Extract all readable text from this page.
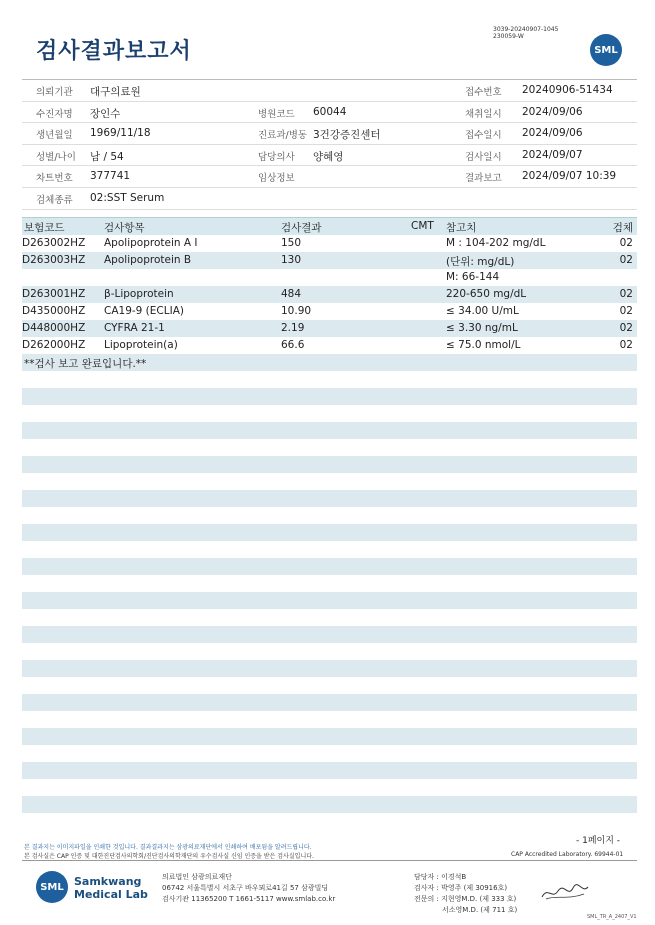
검사결과보고서
3039-20240907-1045
230059-W
SML
의뢰기관 대구의료원	접수번호 20240906-51434
수진자명 장인수	병원코드 60044	채취일시 2024/09/06
생년월일 1969/11/18	진료과/병동 3건강증진센터	접수일시 2024/09/06
성별/나이 남 / 54	담당의사 양혜영	검사일시 2024/09/07
차트번호 377741	임상정보	결과보고 2024/09/07 10:39
검체종류 02:SST Serum
보험코드	검사항목	검사결과	CMT 참고치	검체
D263002HZ Apolipoprotein A I	150	M : 104-202 mg/dL	02
D263003HZ Apolipoprotein B	130	(단위: mg/dL)	02
M: 66-144
D263001HZ β-Lipoprotein	484	220-650 mg/dL	02
D435000HZ CA19-9 (ECLIA)	10.90	≤ 34.00 U/mL	02
D448000HZ CYFRA 21-1	2.19	≤ 3.30 ng/mL	02
D262000HZ Lipoprotein(a)	66.6	≤ 75.0 nmol/L	02
**검사 보고 완료입니다.**
- 1페이지 -
본 결과지는 이미지파일을 인쇄한 것입니다. 결과결과지는 삼광의료재단에서 인쇄하여 배포됨을 알려드립니다.
본 검사실은 CAP 인증 및 대한진단검사의학회/진단검사의학재단의 우수검사실 신임 인증을 받은 검사실입니다.	CAP Accredited Laboratory. 69944-01
SML Samkwang
Medical Lab
의료법인 삼광의료재단
06742 서울특별시 서초구 바우뫼로41길 57 삼광빌딩
검사기관 11365200 T 1661-5117 www.smlab.co.kr
담당자 : 이경석B
검사자 : 박영주 (제 30916호)
전문의 : 지현영M.D. (제 333 호)
서소영M.D. (제 711 호)
SML_TR_A_2407_V1
